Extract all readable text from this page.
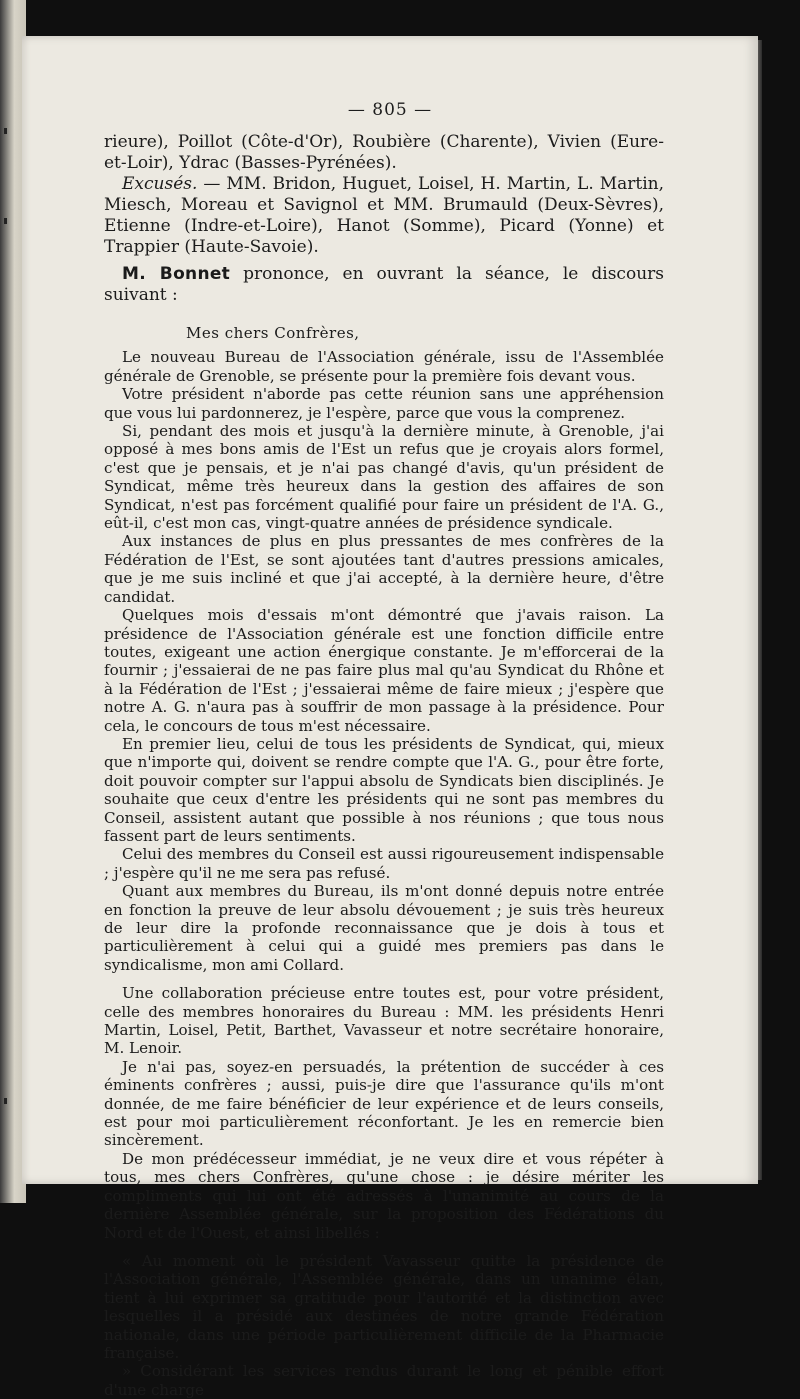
— 805 —

rieure), Poillot (Côte-d'Or), Roubière (Charente), Vivien (Eure-et-Loir), Ydrac (Basses-Pyrénées).

Excusés. — MM. Bridon, Huguet, Loisel, H. Martin, L. Martin, Miesch, Moreau et Savignol et MM. Brumauld (Deux-Sèvres), Etienne (Indre-et-Loire), Hanot (Somme), Picard (Yonne) et Trappier (Haute-Savoie).

M. Bonnet prononce, en ouvrant la séance, le discours suivant :

Mes chers Confrères,

Le nouveau Bureau de l'Association générale, issu de l'Assemblée générale de Grenoble, se présente pour la première fois devant vous.

Votre président n'aborde pas cette réunion sans une appréhension que vous lui pardonnerez, je l'espère, parce que vous la comprenez.

Si, pendant des mois et jusqu'à la dernière minute, à Grenoble, j'ai opposé à mes bons amis de l'Est un refus que je croyais alors formel, c'est que je pensais, et je n'ai pas changé d'avis, qu'un président de Syndicat, même très heureux dans la gestion des affaires de son Syndicat, n'est pas forcément qualifié pour faire un président de l'A. G., eût-il, c'est mon cas, vingt-quatre années de présidence syndicale.

Aux instances de plus en plus pressantes de mes confrères de la Fédération de l'Est, se sont ajoutées tant d'autres pressions amicales, que je me suis incliné et que j'ai accepté, à la dernière heure, d'être candidat.

Quelques mois d'essais m'ont démontré que j'avais raison. La présidence de l'Association générale est une fonction difficile entre toutes, exigeant une action énergique constante. Je m'efforcerai de la fournir ; j'essaierai de ne pas faire plus mal qu'au Syndicat du Rhône et à la Fédération de l'Est ; j'essaierai même de faire mieux ; j'espère que notre A. G. n'aura pas à souffrir de mon passage à la présidence. Pour cela, le concours de tous m'est nécessaire.

En premier lieu, celui de tous les présidents de Syndicat, qui, mieux que n'importe qui, doivent se rendre compte que l'A. G., pour être forte, doit pouvoir compter sur l'appui absolu de Syndicats bien disciplinés. Je souhaite que ceux d'entre les présidents qui ne sont pas membres du Conseil, assistent autant que possible à nos réunions ; que tous nous fassent part de leurs sentiments.

Celui des membres du Conseil est aussi rigoureusement indispensable ; j'espère qu'il ne me sera pas refusé.

Quant aux membres du Bureau, ils m'ont donné depuis notre entrée en fonction la preuve de leur absolu dévouement ; je suis très heureux de leur dire la profonde reconnaissance que je dois à tous et particulièrement à celui qui a guidé mes premiers pas dans le syndicalisme, mon ami Collard.

Une collaboration précieuse entre toutes est, pour votre président, celle des membres honoraires du Bureau : MM. les présidents Henri Martin, Loisel, Petit, Barthet, Vavasseur et notre secrétaire honoraire, M. Lenoir.

Je n'ai pas, soyez-en persuadés, la prétention de succéder à ces éminents confrères ; aussi, puis-je dire que l'assurance qu'ils m'ont donnée, de me faire bénéficier de leur expérience et de leurs conseils, est pour moi particulièrement réconfortant. Je les en remercie bien sincèrement.

De mon prédécesseur immédiat, je ne veux dire et vous répéter à tous, mes chers Confrères, qu'une chose : je désire mériter les compliments qui lui ont été adressés à l'unanimité au cours de la dernière Assemblée générale, sur la proposition des Fédérations du Nord et de l'Ouest, et ainsi libellés :

« Au moment où le président Vavasseur quitte la présidence de l'Association générale, l'Assemblée générale, dans un unanime élan, tient à lui exprimer sa gratitude pour l'autorité et la distinction avec lesquelles il a présidé aux destinées de notre grande Fédération nationale, dans une période particulièrement difficile de la Pharmacie française.

» Considérant les services rendus durant le long et pénible effort d'une charge
